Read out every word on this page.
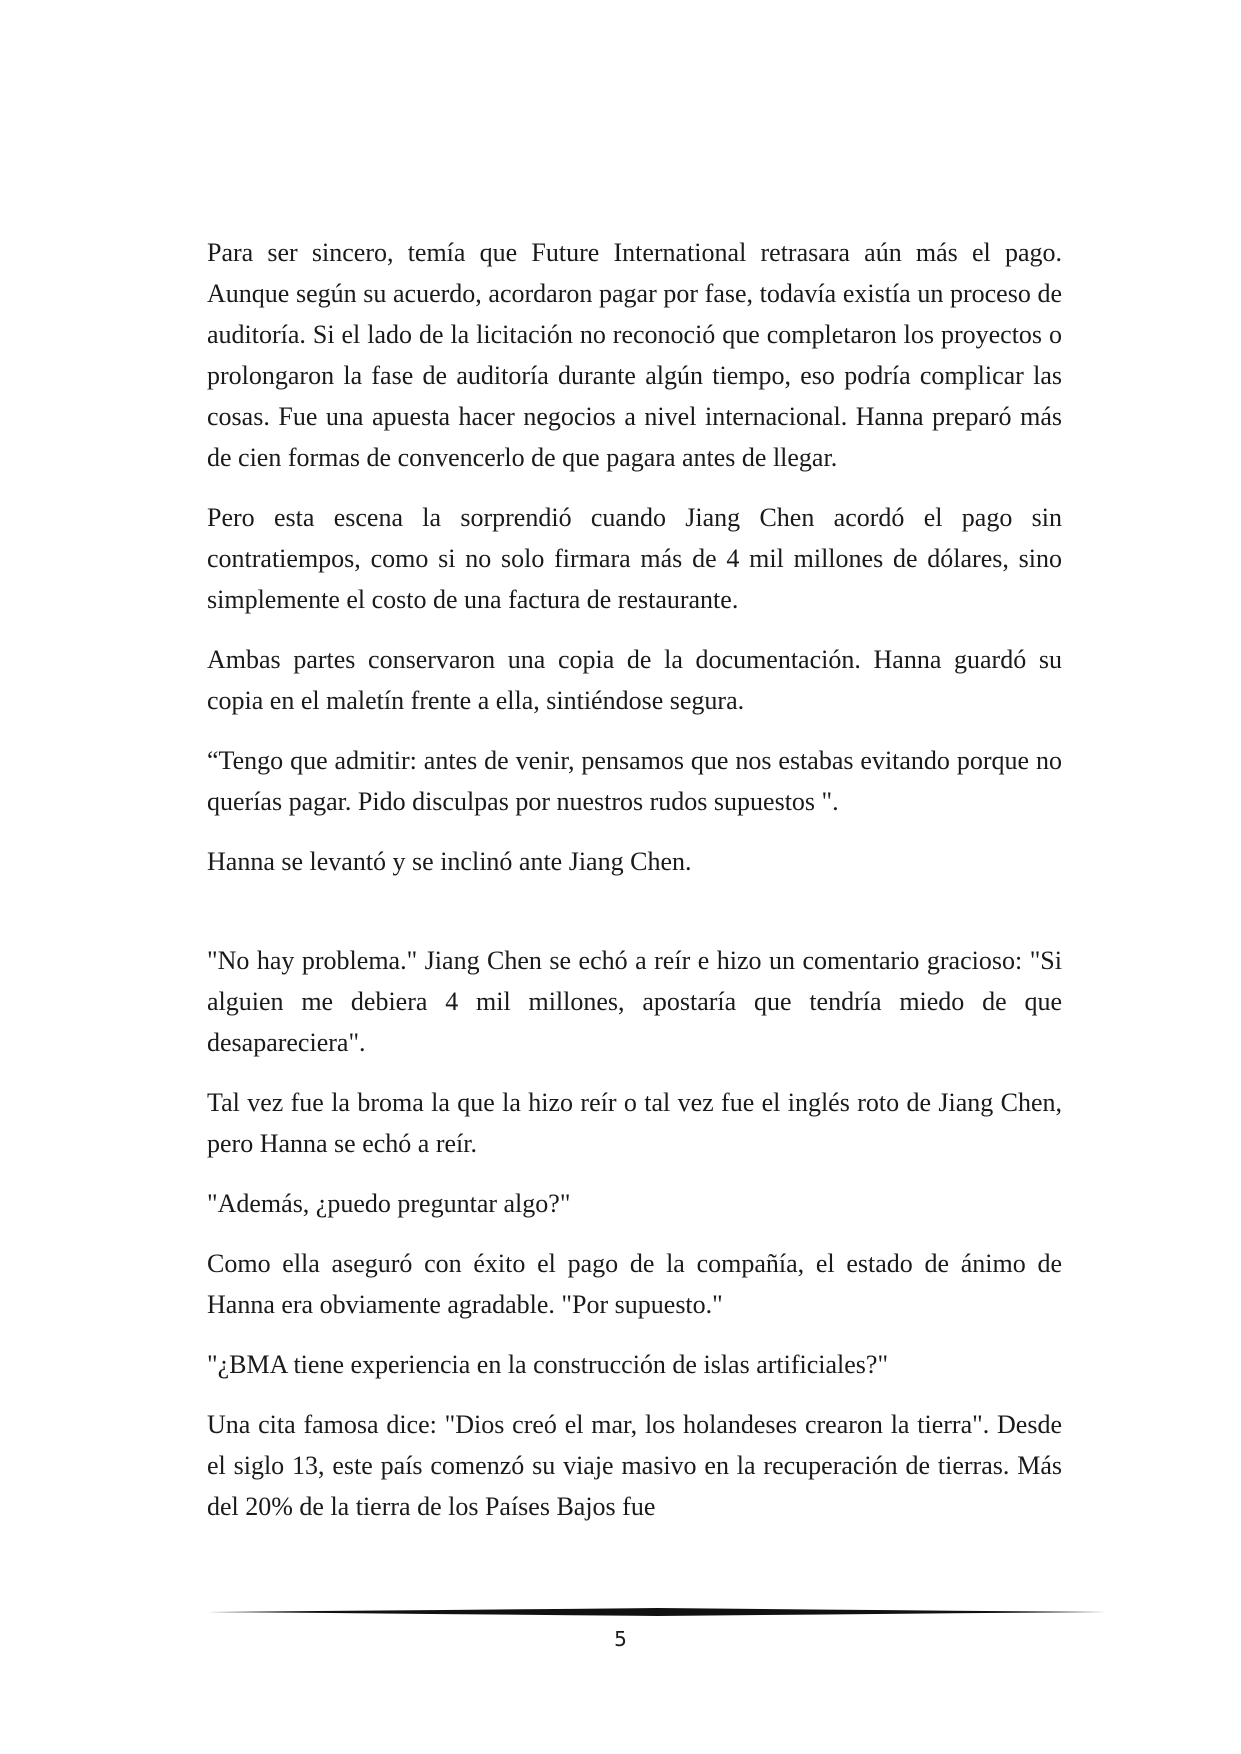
Para ser sincero, temía que Future International retrasara aún más el pago. Aunque según su acuerdo, acordaron pagar por fase, todavía existía un proceso de auditoría. Si el lado de la licitación no reconoció que completaron los proyectos o prolongaron la fase de auditoría durante algún tiempo, eso podría complicar las cosas. Fue una apuesta hacer negocios a nivel internacional. Hanna preparó más de cien formas de convencerlo de que pagara antes de llegar.

Pero esta escena la sorprendió cuando Jiang Chen acordó el pago sin contratiempos, como si no solo firmara más de 4 mil millones de dólares, sino simplemente el costo de una factura de restaurante.

Ambas partes conservaron una copia de la documentación. Hanna guardó su copia en el maletín frente a ella, sintiéndose segura.

“Tengo que admitir: antes de venir, pensamos que nos estabas evitando porque no querías pagar. Pido disculpas por nuestros rudos supuestos ".

Hanna se levantó y se inclinó ante Jiang Chen.

"No hay problema." Jiang Chen se echó a reír e hizo un comentario gracioso: "Si alguien me debiera 4 mil millones, apostaría que tendría miedo de que desapareciera".

Tal vez fue la broma la que la hizo reír o tal vez fue el inglés roto de Jiang Chen, pero Hanna se echó a reír.

"Además, ¿puedo preguntar algo?"

Como ella aseguró con éxito el pago de la compañía, el estado de ánimo de Hanna era obviamente agradable. "Por supuesto."

"¿BMA tiene experiencia en la construcción de islas artificiales?"

Una cita famosa dice: "Dios creó el mar, los holandeses crearon la tierra". Desde el siglo 13, este país comenzó su viaje masivo en la recuperación de tierras. Más del 20% de la tierra de los Países Bajos fue

5
